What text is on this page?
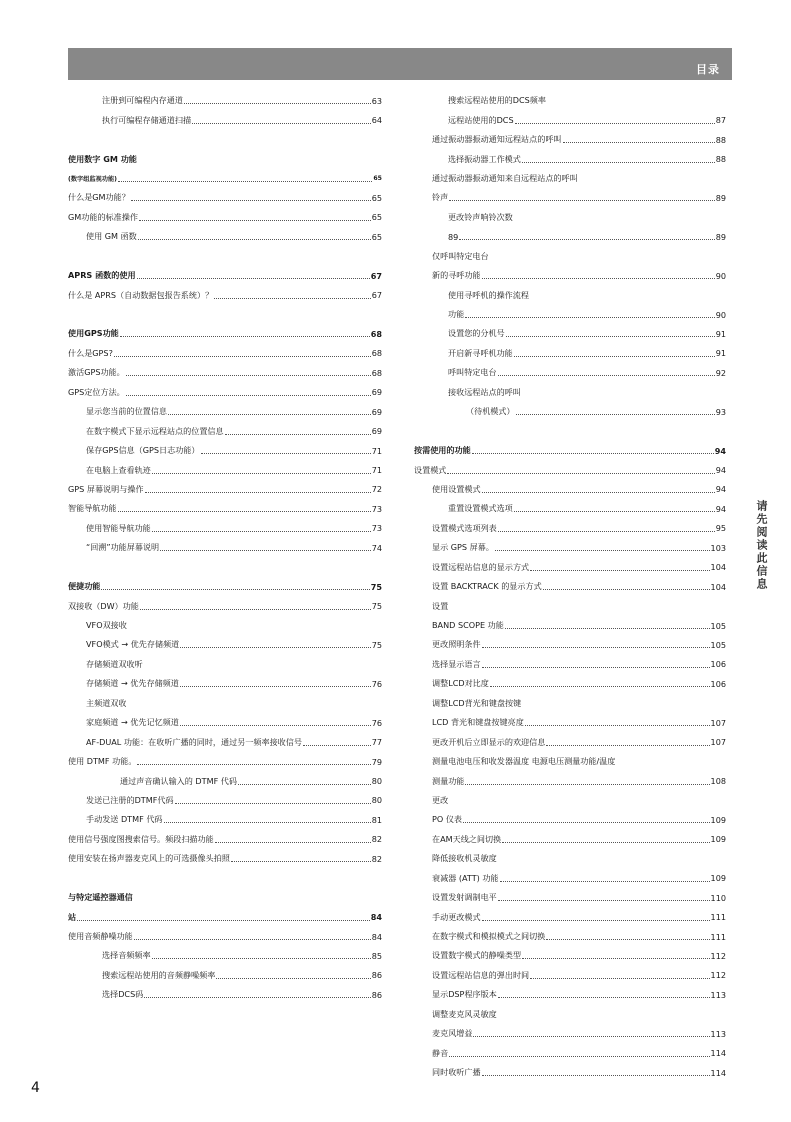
目录
注册到可编程内存通道	63
执行可编程存储通道扫描	64
使用数字 GM 功能
(数字组监视功能)	65
什么是GM功能？	65
GM功能的标准操作	65
使用 GM 函数	65
APRS 函数的使用	67
什么是 APRS（自动数据包报告系统）？	67
使用GPS功能	68
什么是GPS?	68
激活GPS功能。	68
GPS定位方法。	69
显示您当前的位置信息	69
在数字模式下显示远程站点的位置信息	69
保存GPS信息（GPS日志功能）	71
在电脑上查看轨迹	71
GPS 屏幕说明与操作	72
智能导航功能	73
使用智能导航功能	73
“回溯”功能屏幕说明	74
便捷功能	75
双接收（DW）功能	75
VFO双接收
VFO模式 → 优先存储频道	75
存储频道双收听
存储频道 → 优先存储频道	76
主频道双收
家庭频道 → 优先记忆频道	76
AF-DUAL 功能：在收听广播的同时，通过另一频率接收信号	77
使用 DTMF 功能。	79
通过声音确认输入的 DTMF 代码	80
发送已注册的DTMF代码	80
手动发送 DTMF 代码	81
使用信号强度图搜索信号。频段扫描功能	82
使用安装在扬声器麦克风上的可选摄像头拍照	82
与特定遥控器通信
站	84
使用音频静噪功能	84
选择音频频率	85
搜索远程站使用的音频静噪频率	86
选择DCS码	86
搜索远程站使用的DCS频率
远程站使用的DCS	87
通过振动器振动通知远程站点的呼叫	88
选择振动器工作模式	88
通过振动器振动通知来自远程站点的呼叫
铃声	89
更改铃声响铃次数
89	89
仅呼叫特定电台
新的寻呼功能	90
使用寻呼机的操作流程
功能	90
设置您的分机号	91
开启新寻呼机功能	91
呼叫特定电台	92
接收远程站点的呼叫
（待机模式）	93
按需使用的功能	94
设置模式	94
使用设置模式	94
重置设置模式选项	94
设置模式选项列表	95
显示 GPS 屏幕。	103
设置远程站信息的显示方式	104
设置 BACKTRACK 的显示方式	104
设置
BAND SCOPE 功能	105
更改照明条件	105
选择显示语言	106
调整LCD对比度	106
调整LCD背光和键盘按键
LCD 背光和键盘按键亮度	107
更改开机后立即显示的欢迎信息	107
测量电池电压和收发器温度 电源电压测量功能/温度
测量功能	108
更改
PO 仪表	109
在AM天线之间切换	109
降低接收机灵敏度
衰减器 (ATT) 功能	109
设置发射调制电平	110
手动更改模式	111
在数字模式和模拟模式之间切换	111
设置数字模式的静噪类型	112
设置远程站信息的弹出时间	112
显示DSP程序版本	113
调整麦克风灵敏度
麦克风增益	113
静音	114
同时收听广播	114
请先阅读此信息
4
